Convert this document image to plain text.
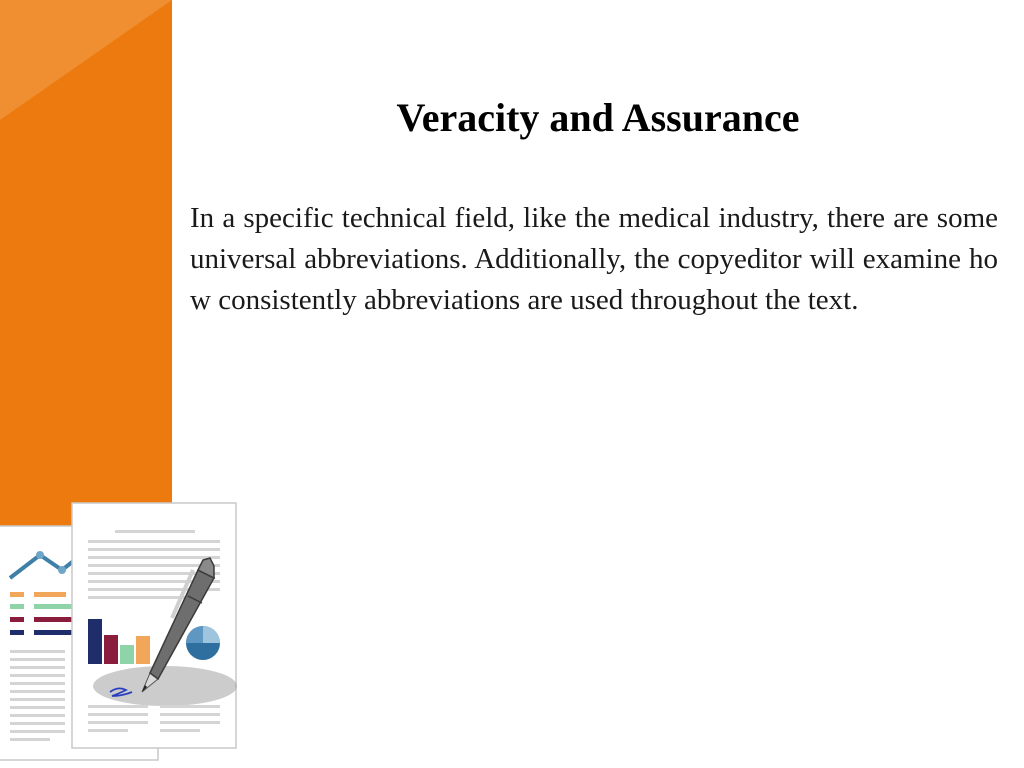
Veracity and Assurance

In a specific technical field, like the medical industry, there are some universal abbreviations. Additionally, the copyeditor will examine how consistently abbreviations are used throughout the text.
